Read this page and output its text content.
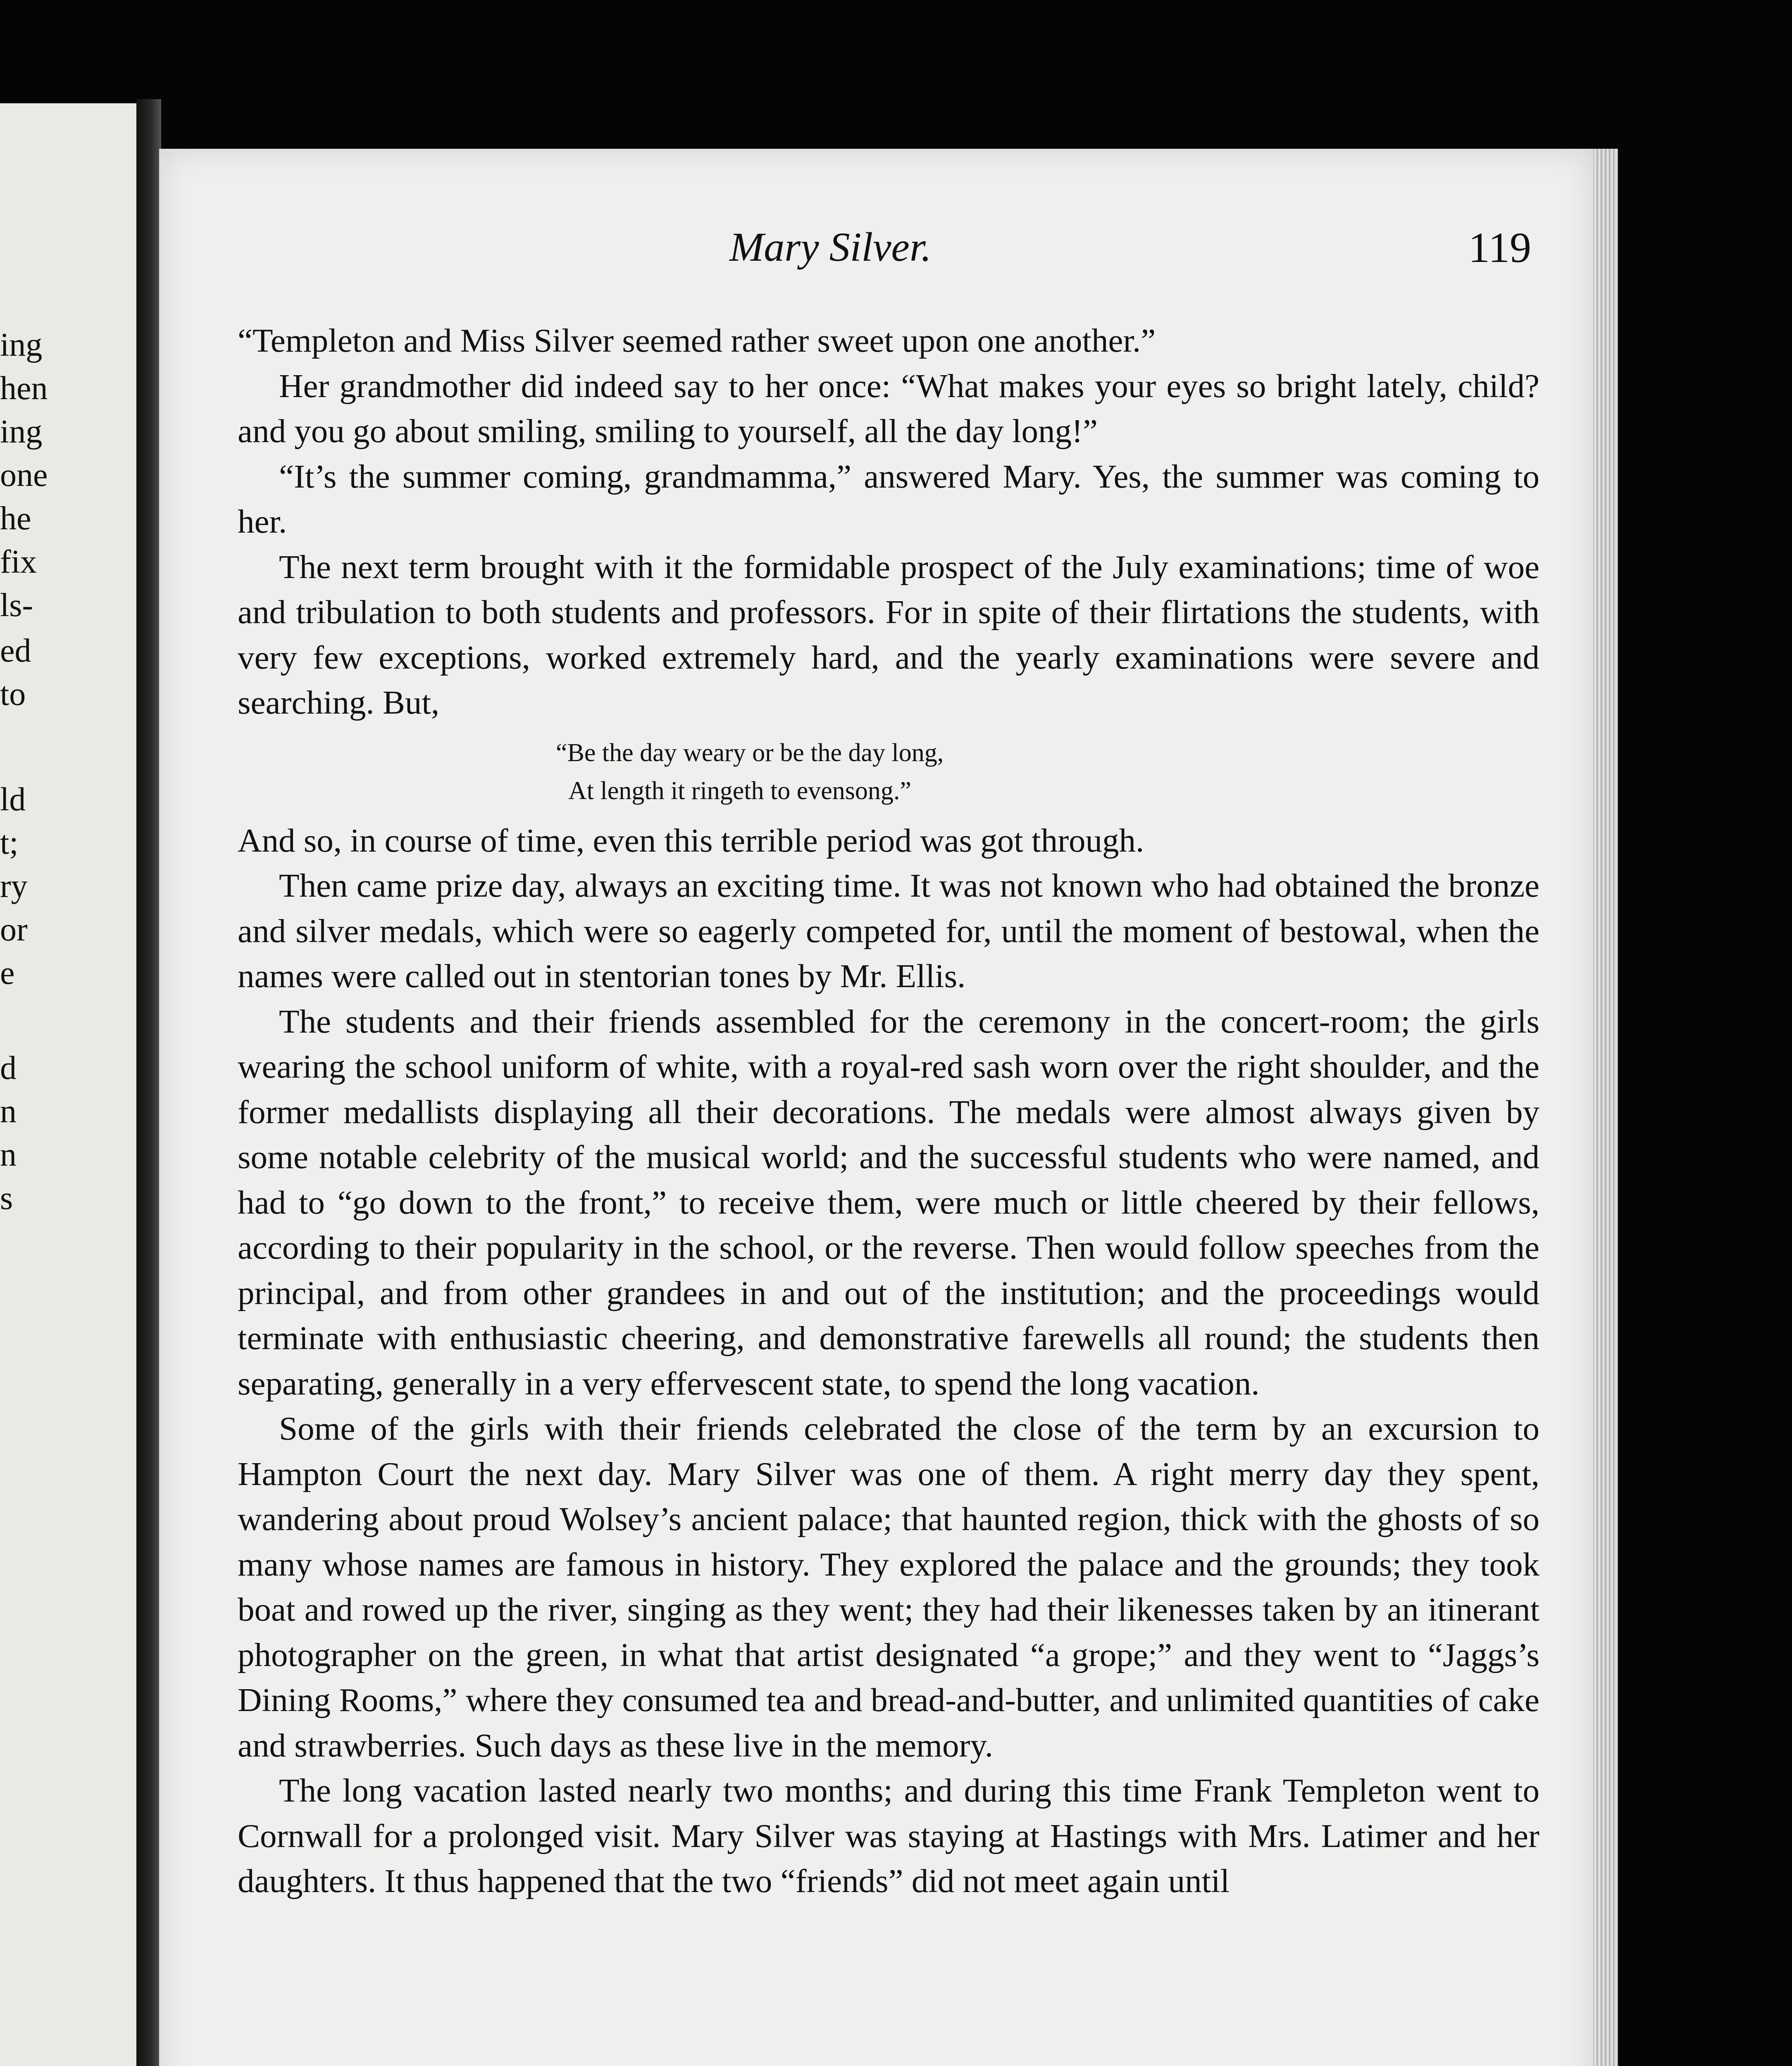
ing
hen
ing
one
he
fix
ls-
ed
to
ld
t;
ry
or
e
d
n
n
s
Mary Silver.	119

“Templeton and Miss Silver seemed rather sweet upon one another.”

Her grandmother did indeed say to her once: “What makes your eyes so bright lately, child? and you go about smiling, smiling to yourself, all the day long!”

“It’s the summer coming, grandmamma,” answered Mary. Yes, the summer was coming to her.

The next term brought with it the formidable prospect of the July examinations; time of woe and tribulation to both students and professors. For in spite of their flirtations the students, with very few exceptions, worked extremely hard, and the yearly examinations were severe and searching. But,

“Be the day weary or be the day long,
At length it ringeth to evensong.”

And so, in course of time, even this terrible period was got through.

Then came prize day, always an exciting time. It was not known who had obtained the bronze and silver medals, which were so eagerly competed for, until the moment of bestowal, when the names were called out in stentorian tones by Mr. Ellis.

The students and their friends assembled for the ceremony in the concert-room; the girls wearing the school uniform of white, with a royal-red sash worn over the right shoulder, and the former medallists displaying all their decorations. The medals were almost always given by some notable celebrity of the musical world; and the successful students who were named, and had to “go down to the front,” to receive them, were much or little cheered by their fellows, according to their popularity in the school, or the reverse. Then would follow speeches from the principal, and from other grandees in and out of the institution; and the proceedings would terminate with enthusiastic cheering, and demonstrative farewells all round; the students then separating, generally in a very effervescent state, to spend the long vacation.

Some of the girls with their friends celebrated the close of the term by an excursion to Hampton Court the next day. Mary Silver was one of them. A right merry day they spent, wandering about proud Wolsey’s ancient palace; that haunted region, thick with the ghosts of so many whose names are famous in history. They explored the palace and the grounds; they took boat and rowed up the river, singing as they went; they had their likenesses taken by an itinerant photographer on the green, in what that artist designated “a grope;” and they went to “Jaggs’s Dining Rooms,” where they consumed tea and bread-and-butter, and unlimited quantities of cake and strawberries. Such days as these live in the memory.

The long vacation lasted nearly two months; and during this time Frank Templeton went to Cornwall for a prolonged visit. Mary Silver was staying at Hastings with Mrs. Latimer and her daughters. It thus happened that the two “friends” did not meet again until
